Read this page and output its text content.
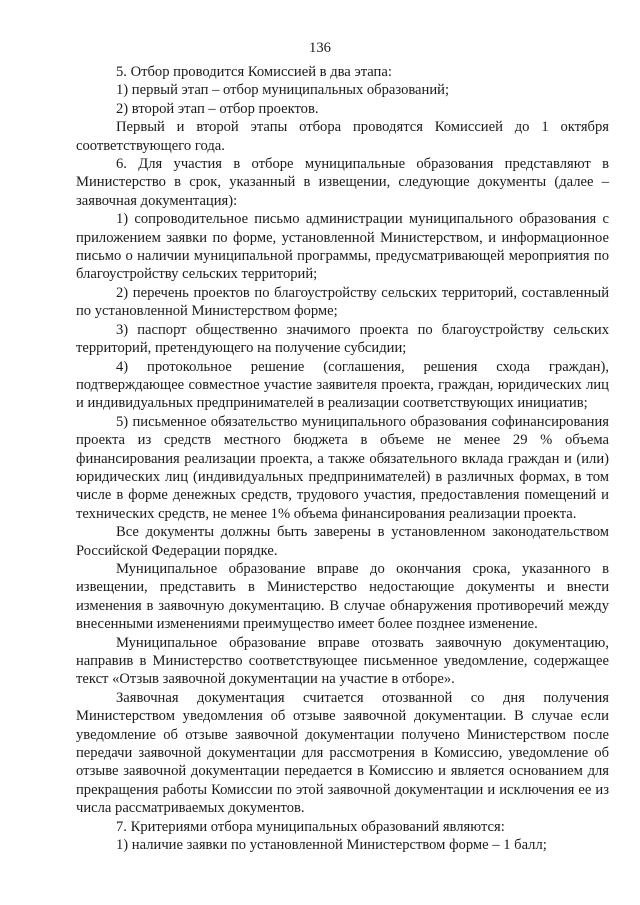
136

5. Отбор проводится Комиссией в два этапа:

1) первый этап – отбор муниципальных образований;

2) второй этап – отбор проектов.

Первый и второй этапы отбора проводятся Комиссией до 1 октября соответствующего года.

6. Для участия в отборе муниципальные образования представляют в Министерство в срок, указанный в извещении, следующие документы (далее – заявочная документация):

1) сопроводительное письмо администрации муниципального образования с приложением заявки по форме, установленной Министерством, и информационное письмо о наличии муниципальной программы, предусматривающей мероприятия по благоустройству сельских территорий;

2) перечень проектов по благоустройству сельских территорий, составленный по установленной Министерством форме;

3) паспорт общественно значимого проекта по благоустройству сельских территорий, претендующего на получение субсидии;

4) протокольное решение (соглашения, решения схода граждан), подтверждающее совместное участие заявителя проекта, граждан, юридических лиц и индивидуальных предпринимателей в реализации соответствующих инициатив;

5) письменное обязательство муниципального образования софинансирования проекта из средств местного бюджета в объеме не менее 29 % объема финансирования реализации проекта, а также обязательного вклада граждан и (или) юридических лиц (индивидуальных предпринимателей) в различных формах, в том числе в форме денежных средств, трудового участия, предоставления помещений и технических средств, не менее 1% объема финансирования реализации проекта.

Все документы должны быть заверены в установленном законодательством Российской Федерации порядке.

Муниципальное образование вправе до окончания срока, указанного в извещении, представить в Министерство недостающие документы и внести изменения в заявочную документацию. В случае обнаружения противоречий между внесенными изменениями преимущество имеет более позднее изменение.

Муниципальное образование вправе отозвать заявочную документацию, направив в Министерство соответствующее письменное уведомление, содержащее текст «Отзыв заявочной документации на участие в отборе».

Заявочная документация считается отозванной со дня получения Министерством уведомления об отзыве заявочной документации. В случае если уведомление об отзыве заявочной документации получено Министерством после передачи заявочной документации для рассмотрения в Комиссию, уведомление об отзыве заявочной документации передается в Комиссию и является основанием для прекращения работы Комиссии по этой заявочной документации и исключения ее из числа рассматриваемых документов.

7. Критериями отбора муниципальных образований являются:

1) наличие заявки по установленной Министерством форме – 1 балл;
